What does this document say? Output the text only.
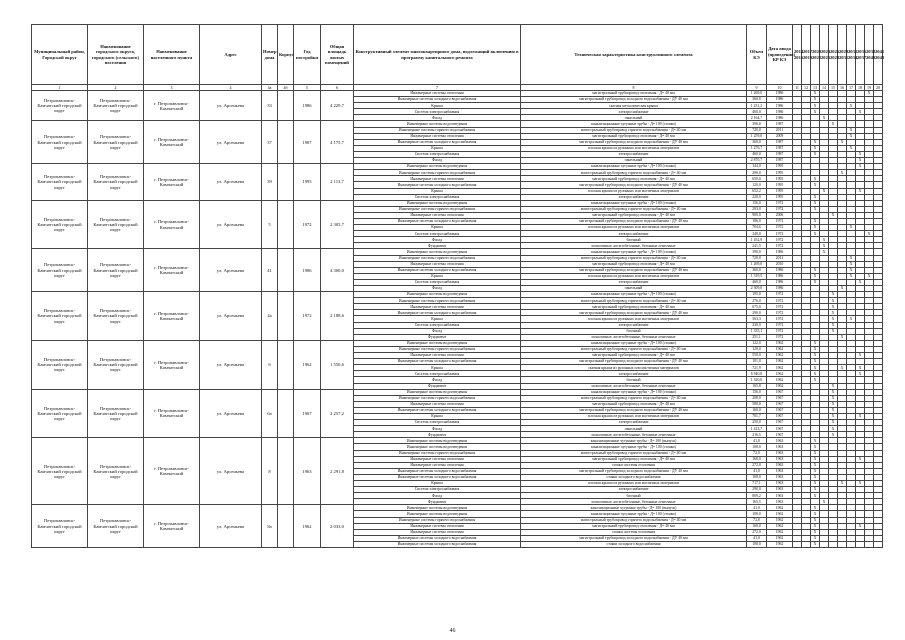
Муниципальный район, Городской округ	Наименование городского округа, городского (сельского) поселения	Наименование населенного пункта	Адрес	Номер дома	Корпус	Год постройки	Общая площадь жилых помещений	Конструктивный элемент многоквартирного дома, подлежащий включению в программу капитального ремонта	Техническая характеристика конструктивного элемента	Объем КЭ	Дата ввода (проведения) КР КЭ	2014 2016	2017 2019	2020 2022	2023 2025	2026 2028	2029 2031	2032 2034	2035 2037	2038 2040	2041 2043
1	2	3	4	4а	4б	5	6	7	8	9	10	11	12	13	14	15	16	17	18	19	20
Петропавловск-Камчатский городской округ	Петропавловск-Камчатский городской округ	г. Петропавловск-Камчатский	ул. Арсеньева	33		1986	4 229,7	Инженерные системы отопления	магистральный трубопровод отопления - Д= 40 мм	1 269,0	1986			X						X	
								Инженерные системы холодного водоснабжения	магистральный трубопровод холодного водоснабжения - ДУ 40 мм	360,0	1986			X							
								Крыша	скатная металлическая крыша	1 231,2	1986			X				X			
								Система электроснабжения	электроснабжение	460,0	1986			X					X		
								Фасад	панельный	2 164,7	1986				X						
Петропавловск-Камчатский городской округ	Петропавловск-Камчатский городской округ	г. Петропавловск-Камчатский	ул. Арсеньева	37		1987	4 175,7	Инженерные системы водоотведения	канализационные чугунные трубы - Д= 100 (стояки)	396,0	1987					X					
								Инженерные системы горячего водоснабжения	магистральный трубопровод горячего водоснабжения - Д= 40 мм	720,0	2011							X			
								Инженерные системы отопления	магистральный трубопровод отопления - Д= 40 мм	1 259,0	2009							X			
								Инженерные системы холодного водоснабжения	магистральный трубопровод холодного водоснабжения - ДУ 40 мм	360,0	1987			X			X				
								Крыша	плоская крыша из рулонных или мастичных материалов	1 276,7	1987			X				X			
								Система электроснабжения	электроснабжение	460,0	1987			X					X		
								Фасад	панельный	2 870,7	1987								X		
Петропавловск-Камчатский городской округ	Петропавловск-Камчатский городской округ	г. Петропавловск-Камчатский	ул. Арсеньева	39		1995	2 113,7	Инженерные системы водоотведения	канализационные чугунные трубы - Д= 100 (стояки)	144,0	1995								X		
								Инженерные системы горячего водоснабжения	магистральный трубопровод горячего водоснабжения - Д= 40 мм	290,0	1995						X				
								Инженерные системы отопления	магистральный трубопровод отопления - Д= 40 мм	650,0	1995			X							
								Инженерные системы холодного водоснабжения	магистральный трубопровод холодного водоснабжения - ДУ 40 мм	120,0	1995			X							
								Крыша	плоская крыша из рулонных или мастичных материалов	652,2	1995				X				X		
								Система электроснабжения	электроснабжение	220,0	1995			X							
Петропавловск-Камчатский городской округ	Петропавловск-Камчатский городской округ	г. Петропавловск-Камчатский	ул. Арсеньева	5		1972	2 305,7	Инженерные системы водоотведения	канализационные чугунные трубы - Д= 100 (стояки)	156,0	1972			X							
								Инженерные системы горячего водоснабжения	магистральный трубопровод горячего водоснабжения - Д= 40 мм	293,0	1972			X							
								Инженерные системы отопления	магистральный трубопровод отопления - Д= 40 мм	900,0	2006					X					
								Инженерные системы холодного водоснабжения	магистральный трубопровод холодного водоснабжения - ДУ 40 мм	186,0	1972			X							
								Крыша	плоская крыша из рулонных или мастичных материалов	704,6	1972			X				X			
								Система электроснабжения	электроснабжение	240,0	1972			X						X	
								Фасад	блочный	1 452,9	1972				X						
								Фундамент	монолитные, железобетонные, бетонные ленточные	241,5	1972				X						
Петропавловск-Камчатский городской округ	Петропавловск-Камчатский городской округ	г. Петропавловск-Камчатский	ул. Арсеньева	41		1986	4 300,0	Инженерные системы водоотведения	канализационные чугунные трубы - Д= 100 (стояки)	390,0	1986				X						
								Инженерные системы горячего водоснабжения	магистральный трубопровод горячего водоснабжения - Д= 40 мм	720,0	2011							X			
								Инженерные системы отопления	магистральный трубопровод отопления - Д= 40 мм	1 269,0	2010							X			
								Инженерные системы холодного водоснабжения	магистральный трубопровод холодного водоснабжения - ДУ 40 мм	360,0	1986			X				X			
								Крыша	плоская крыша из рулонных или мастичных материалов	1 319,5	1986			X				X		X	
								Система электроснабжения	электроснабжение	460,0	1986			X					X		
								Фасад	панельный	2 309,0	1986						X				
Петропавловск-Камчатский городской округ	Петропавловск-Камчатский городской округ	г. Петропавловск-Камчатский	ул. Арсеньева	4а		1972	2 188,6	Инженерные системы водоотведения	канализационные чугунные трубы - Д= 100 (стояки)	195,0	1972					X					
								Инженерные системы горячего водоснабжения	магистральный трубопровод горячего водоснабжения - Д= 40 мм	276,0	1972					X					
								Инженерные системы отопления	магистральный трубопровод отопления - Д= 40 мм	675,0	1972					X					
								Инженерные системы холодного водоснабжения	магистральный трубопровод холодного водоснабжения - ДУ 40 мм	290,0	1972					X					
								Крыша	плоская крыша из рулонных или мастичных материалов	563,3	1972					X		X			
								Система электроснабжения	электроснабжение	230,0	1972					X					
								Фасад	блочный	1 335,1	1972					X					
								Фундамент	монолитные, железобетонные, бетонные ленточные	251,1	1972						X				
Петропавловск-Камчатский городской округ	Петропавловск-Камчатский городской округ	г. Петропавловск-Камчатский	ул. Арсеньева	6		1962	1 550,6	Инженерные системы водоотведения	канализационные чугунные трубы - Д= 100 (стояки)	122,0	1962			X							
								Инженерные системы горячего водоснабжения	магистральный трубопровод горячего водоснабжения - Д= 40 мм	120,0	1962			X							
								Инженерные системы отопления	магистральный трубопровод отопления - Д= 40 мм	550,0	1962			X					X		
								Инженерные системы холодного водоснабжения	магистральный трубопровод холодного водоснабжения - ДУ 40 мм	101,0	1962			X							
								Крыша	скатная крыша из рулонных или мастичных материалов	721,9	1962			X			X		X		
								Система электроснабжения	электроснабжение	6 940,0	1962			X					X		
								Фасад	блочный	1 320,0	1962			X							
								Фундамент	монолитные, железобетонные, бетонные ленточные	165,8	1962					X					
Петропавловск-Камчатский городской округ	Петропавловск-Камчатский городской округ	г. Петропавловск-Камчатский	ул. Арсеньева	6а		1967	2 257,2	Инженерные системы водоотведения	канализационные чугунные трубы - Д= 100 (стояки)	156,0	1967					X					
								Инженерные системы горячего водоснабжения	магистральный трубопровод горячего водоснабжения - Д= 40 мм	208,0	1967					X					
								Инженерные системы отопления	магистральный трубопровод отопления - Д= 40 мм	580,0	1967					X					
								Инженерные системы холодного водоснабжения	магистральный трубопровод холодного водоснабжения - ДУ 40 мм	160,0	1967					X					
								Крыша	плоская крыша из рулонных или мастичных материалов	701,7	1967					X			X		
								Система электроснабжения	электроснабжение	250,0	1967					X					
								Фасад	панельный	1 413,7	1967					X					
								Фундамент	монолитные, железобетонные, бетонные ленточные	216,5	1967					X					
Петропавловск-Камчатский городской округ	Петропавловск-Камчатский городской округ	г. Петропавловск-Камчатский	ул. Арсеньева	8		1963	2 291,8	Инженерные системы водоотведения	канализационные чугунные трубы - Д= 100 (выпуск)	41,0	1963			X							
								Инженерные системы водоотведения	канализационные чугунные трубы - Д= 100 (стояки)	108,0	1963			X							
								Инженерные системы горячего водоснабжения	магистральный трубопровод горячего водоснабжения - Д= 40 мм	72,0	1963			X							
								Инженерные системы отопления	магистральный трубопровод отопления - Д= 40 мм	168,0	1963			X					X		
								Инженерные системы отопления	стояки системы отопления	272,0	1963			X							
								Инженерные системы холодного водоснабжения	магистральный трубопровод холодного водоснабжения - ДУ 40 мм	41,0	1963			X							
								Инженерные системы холодного водоснабжения	стояки холодного водоснабжения	108,0	1963			X							
								Крыша	плоская крыша из рулонных или мастичных материалов	717,1	1963			X			X		X		
								Система электроснабжения	электроснабжение	290,0	1963			X							
								Фасад	блочный	809,2	1963			X							
								Фундамент	монолитные, железобетонные, бетонные ленточные	165,5	1963				X						
Петропавловск-Камчатский городской округ	Петропавловск-Камчатский городской округ	г. Петропавловск-Камчатский	ул. Арсеньева	8а		1962	2 033,0	Инженерные системы водоотведения	канализационные чугунные трубы - Д= 100 (выпуск)	41,0	1962			X							
								Инженерные системы водоотведения	канализационные чугунные трубы - Д= 100 (стояки)	108,0	1962			X							
								Инженерные системы горячего водоснабжения	магистральный трубопровод горячего водоснабжения - Д= 40 мм	72,0	1962			X							
								Инженерные системы отопления	магистральный трубопровод отопления - Д= 40 мм	168,0	1962			X					X		
								Инженерные системы отопления	стояки системы отопления	272,0	1962			X							
								Инженерные системы холодного водоснабжения	магистральный трубопровод холодного водоснабжения - ДУ 40 мм	41,0	1962			X							
								Инженерные системы холодного водоснабжения	стояки холодного водоснабжения	108,0	1962			X							
46
